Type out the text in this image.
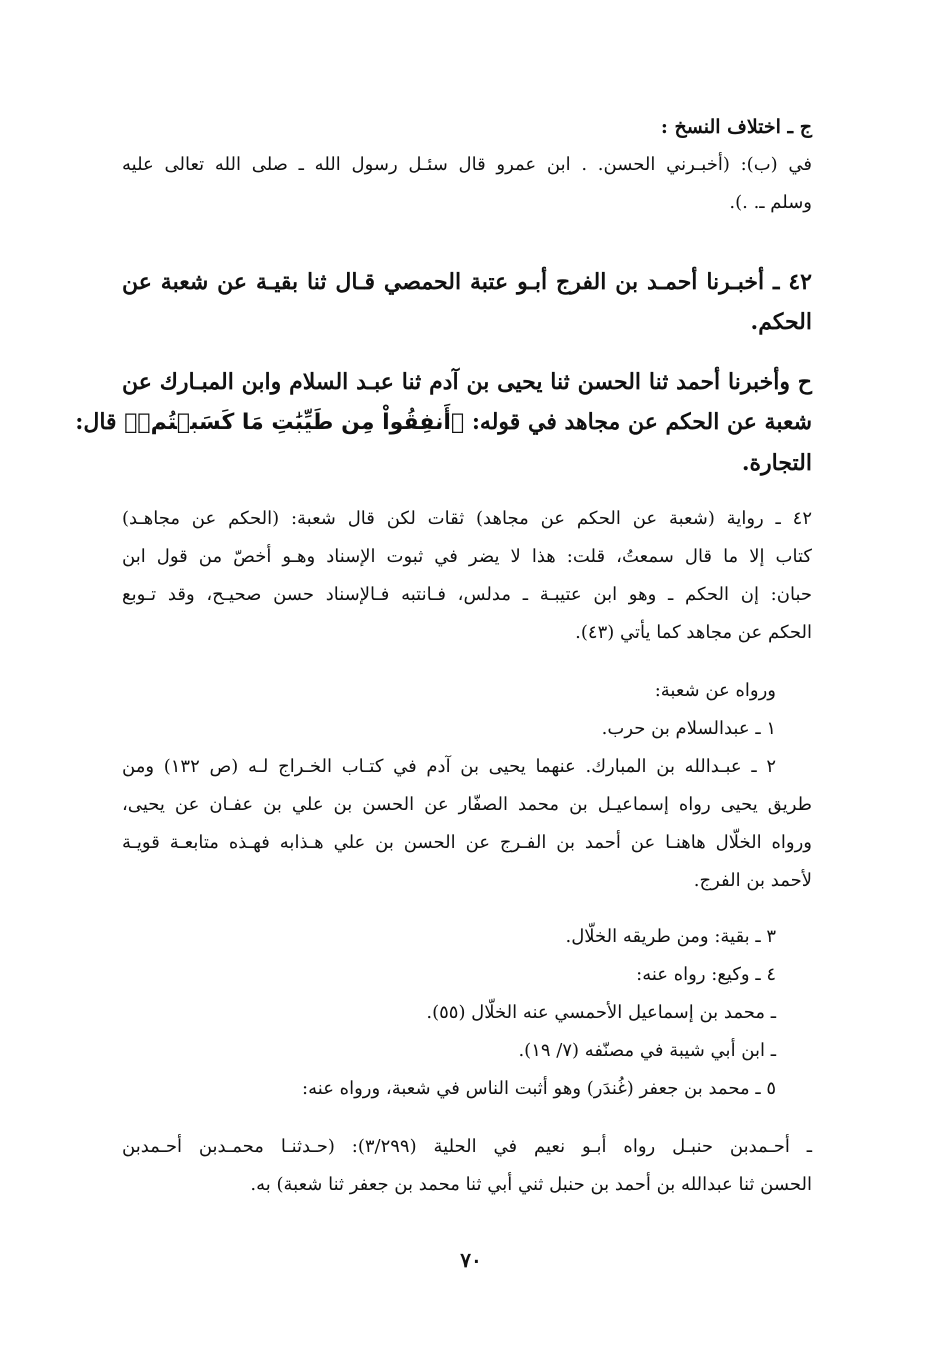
ج ـ اختلاف النسخ :
في (ب): (أخبـرني الحسن. . ابن عمرو قال سئـل رسول الله ـ صلى الله تعالى عليه
وسلم ـ. .).
٤٢ ـ أخبـرنا أحمـد بن الفرج أبـو عتبة الحمصي قـال ثنا بقيـة عن شعبة عن
الحكم.
ح وأخبرنا أحمد ثنا الحسن ثنا يحيى بن آدم ثنا عبـد السلام وابن المبـارك عن
شعبة عن الحكم عن مجاهد في قوله: ﴿أَنفِقُواْ مِن طَيِّبَٰتِ مَا كَسَبۡتُمۡ﴾ قال:
التجارة.
٤٢ ـ رواية (شعبة عن الحكم عن مجاهد) ثقات لكن قال شعبة: (الحكم عن مجاهـد)
كتاب إلا ما قال سمعتُ، قلت: هذا لا يضر في ثبوت الإسناد وهـو أخصّ من قول ابن
حبان: إن الحكم ـ وهو ابن عتيبـة ـ مدلس، فـانتبه فـالإسناد حسن صحيـح، وقد تـوبع
الحكم عن مجاهد كما يأتي (٤٣).
ورواه عن شعبة:
١ ـ عبدالسلام بن حرب.
٢ ـ عبـدالله بن المبارك. عنهما يحيى بن آدم في كتـاب الخـراج لـه (ص ١٣٢) ومن
طريق يحيى رواه إسماعيـل بن محمد الصفّار عن الحسن بن علي بن عفـان عن يحيى،
ورواه الخلّال هاهنـا عن أحمد بن الفـرج عن الحسن بن علي هـذابه فهـذه متابعـة قويـة
لأحمد بن الفرج.
٣ ـ بقية: ومن طريقه الخلّال.
٤ ـ وكيع: رواه عنه:
ـ محمد بن إسماعيل الأحمسي عنه الخلّال (٥٥).
ـ ابن أبي شيبة في مصنّفه (٧/ ١٩).
٥ ـ محمد بن جعفر (غُندَر) وهو أثبت الناس في شعبة، ورواه عنه:
ـ أحـمدبن حنبـل رواه أبـو نعيم في الحلية (٣/٢٩٩): (حـدثنـا محمـدبن أحـمدبن
الحسن ثنا عبدالله بن أحمد بن حنبل ثني أبي ثنا محمد بن جعفر ثنا شعبة) به.
٧٠
